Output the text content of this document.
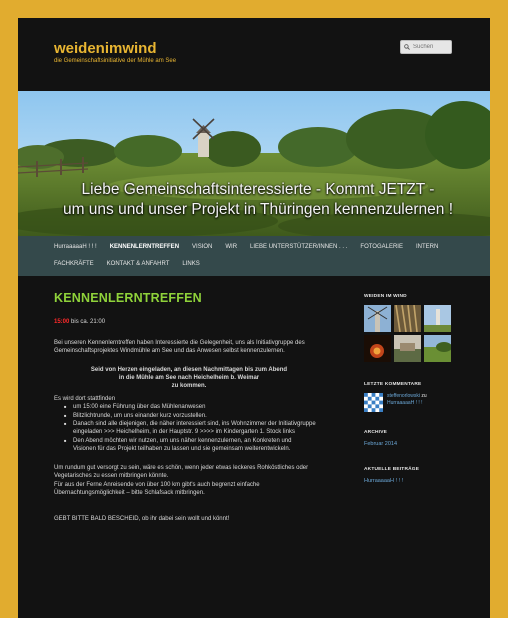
weidenimwind
die Gemeinschaftsinitiative der Mühle am See
Suchen
Liebe Gemeinschaftsinteressierte - Kommt JETZT -
um uns und unser Projekt in Thüringen kennenzulernen !
HurraaaaaH ! ! ! KENNENLERNTREFFEN VISION WIR LIEBE UNTERSTÜTZER/INNEN . . . FOTOGALERIE INTERN
FACHKRÄFTE KONTAKT & ANFAHRT LINKS
KENNENLERNTREFFEN
15:00 bis ca. 21:00

Bei unseren Kennenlerntreffen haben Interessierte die Gelegenheit, uns als Initiativgruppe des Gemeinschaftsprojektes Windmühle am See und das Anwesen selbst kennenzulernen.

Seid von Herzen eingeladen, an diesen Nachmittagen bis zum Abend
in die Mühle am See nach Heichelheim b. Weimar
zu kommen.

Es wird dort stattfinden

■ um 15:00 eine Führung über das Mühlenanwesen
■ Blitzlichtrunde, um uns einander kurz vorzustellen.
■ Danach sind alle diejenigen, die näher interessiert sind, ins Wohnzimmer der Initiativgruppe eingeladen >>> Heichelheim, in der Hauptstr. 9 >>>> im Kindergarten 1. Stock links
■ Den Abend möchten wir nutzen, um uns näher kennenzulernen, an Konkreten und Visionen für das Projekt teilhaben zu lassen und sie gemeinsam weiterentwickeln.

Um rundum gut versorgt zu sein, wäre es schön, wenn jeder etwas leckeres Rohköstliches oder Vegetarisches zu essen mitbringen könnte.

Für aus der Ferne Anreisende von über 100 km gibt's auch begrenzt einfache Übernachtungsmöglichkeit – bitte Schlafsack mitbringen.

GEBT BITTE BALD BESCHEID, ob ihr dabei sein wollt und könnt!

WEIDEN IM WIND
LETZTE KOMMENTARE
steffenorlowski zu
HurraaaaaH ! ! !
ARCHIVE
Februar 2014
AKTUELLE BEITRÄGE
HurraaaaaH ! ! !
